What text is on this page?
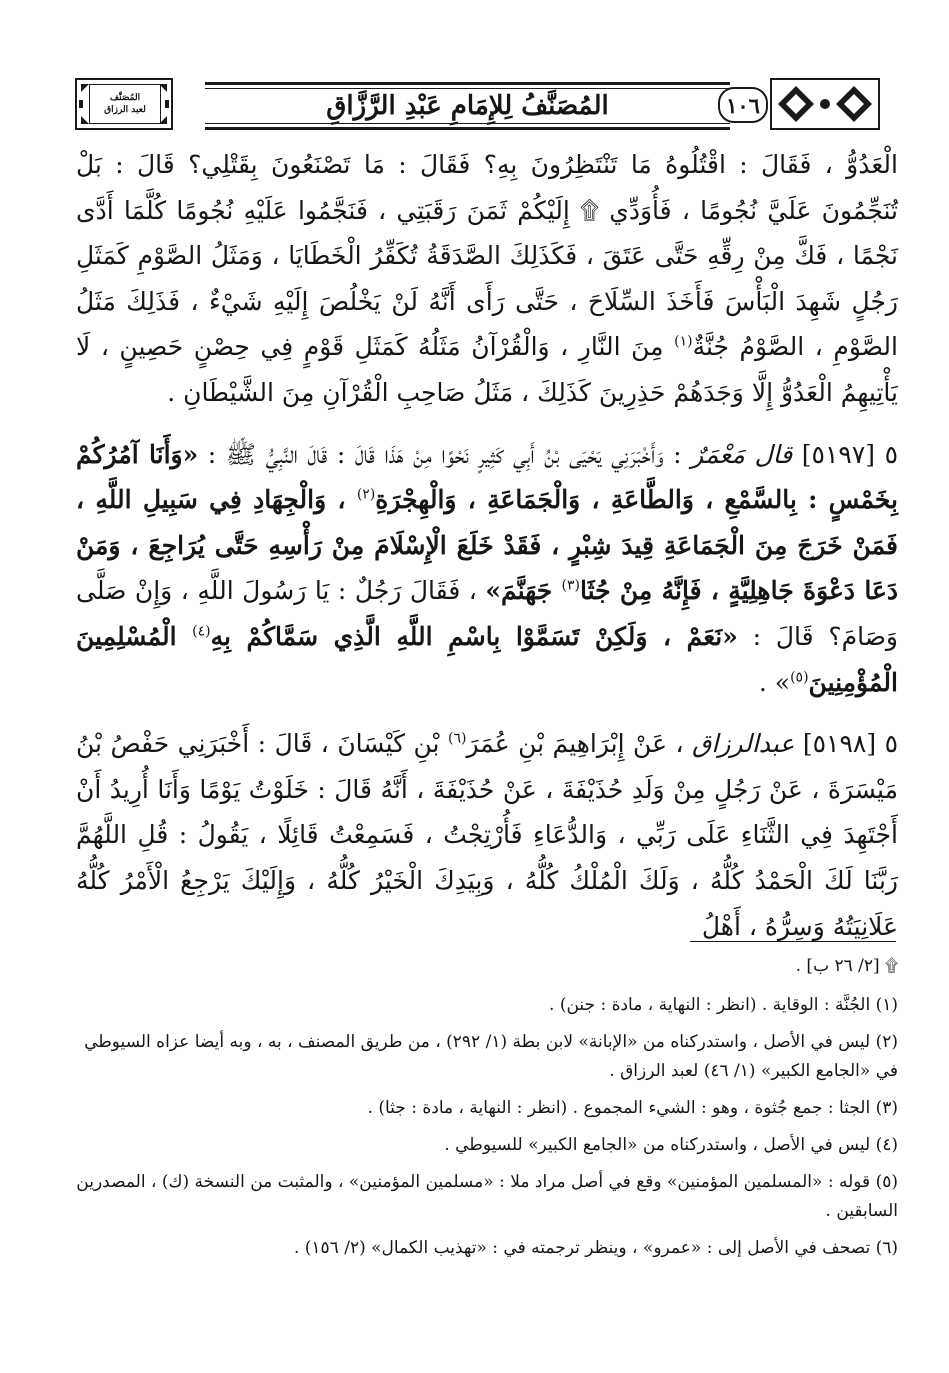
المُصَنَّفُ لِلإِمَامِ عَبْدِ الرَّزَّاقِ	١٠٦
المُصَنَّف
لعبد الرزاق

الْعَدُوُّ ، فَقَالَ : اقْتُلُوهُ مَا تَنْتَظِرُونَ بِهِ؟ فَقَالَ : مَا تَصْنَعُونَ بِقَتْلِي؟ قَالَ : بَلْ تُنَجِّمُونَ عَلَيَّ نُجُومًا ، فَأُوَدِّي ۩ إِلَيْكُمْ ثَمَنَ رَقَبَتِي ، فَنَجَّمُوا عَلَيْهِ نُجُومًا كُلَّمَا أَدَّى نَجْمًا ، فَكَّ مِنْ رِقِّهِ حَتَّى عَتَقَ ، فَكَذَلِكَ الصَّدَقَةُ تُكَفِّرُ الْخَطَايَا ، وَمَثَلُ الصَّوْمِ كَمَثَلِ رَجُلٍ شَهِدَ الْبَأْسَ فَأَخَذَ السِّلَاحَ ، حَتَّى رَأَى أَنَّهُ لَنْ يَخْلُصَ إِلَيْهِ شَيْءٌ ، فَذَلِكَ مَثَلُ الصَّوْمِ ، الصَّوْمُ جُنَّةٌ$^{(١)}$ مِنَ النَّارِ ، وَالْقُرْآنُ مَثَلُهُ كَمَثَلِ قَوْمٍ فِي حِصْنٍ حَصِينٍ ، لَا يَأْتِيهِمُ الْعَدُوُّ إِلَّا وَجَدَهُمْ حَذِرِينَ كَذَلِكَ ، مَثَلُ صَاحِبِ الْقُرْآنِ مِنَ الشَّيْطَانِ .

٥ [٥١٩٧] قال مَعْمَرٌ : وَأَخْبَرَنِي يَحْيَى بْنُ أَبِي كَثِيرٍ نَحْوًا مِنْ هَذَا قَالَ : قَالَ النَّبِيُّ ﷺ : «وَأَنَا آمُرُكُمْ بِخَمْسٍ : بِالسَّمْعِ ، وَالطَّاعَةِ ، وَالْجَمَاعَةِ ، وَالْهِجْرَةِ$^{(٢)}$ ، وَالْجِهَادِ فِي سَبِيلِ اللَّهِ ، فَمَنْ خَرَجَ مِنَ الْجَمَاعَةِ قِيدَ شِبْرٍ ، فَقَدْ خَلَعَ الْإِسْلَامَ مِنْ رَأْسِهِ حَتَّى يُرَاجِعَ ، وَمَنْ دَعَا دَعْوَةَ جَاهِلِيَّةٍ ، فَإِنَّهُ مِنْ جُثَا$^{(٣)}$ جَهَنَّمَ» ، فَقَالَ رَجُلٌ : يَا رَسُولَ اللَّهِ ، وَإِنْ صَلَّى وَصَامَ؟ قَالَ : «نَعَمْ ، وَلَكِنْ تَسَمَّوْا بِاسْمِ اللَّهِ الَّذِي سَمَّاكُمْ بِهِ$^{(٤)}$ الْمُسْلِمِينَ الْمُؤْمِنِينَ$^{(٥)}$» .

٥ [٥١٩٨] عبدالرزاق ، عَنْ إِبْرَاهِيمَ بْنِ عُمَرَ$^{(٦)}$ بْنِ كَيْسَانَ ، قَالَ : أَخْبَرَنِي حَفْصُ بْنُ مَيْسَرَةَ ، عَنْ رَجُلٍ مِنْ وَلَدِ حُذَيْفَةَ ، عَنْ حُذَيْفَةَ ، أَنَّهُ قَالَ : خَلَوْتُ يَوْمًا وَأَنَا أُرِيدُ أَنْ أَجْتَهِدَ فِي الثَّنَاءِ عَلَى رَبِّي ، وَالدُّعَاءِ فَأُرْتِجْتُ ، فَسَمِعْتُ قَائِلًا ، يَقُولُ : قُلِ اللَّهُمَّ رَبَّنَا لَكَ الْحَمْدُ كُلُّهُ ، وَلَكَ الْمُلْكُ كُلُّهُ ، وَبِيَدِكَ الْخَيْرُ كُلُّهُ ، وَإِلَيْكَ يَرْجِعُ الْأَمْرُ كُلُّهُ عَلَانِيَتُهُ وَسِرُّهُ ، أَهْلُ

۩ [٢/ ٢٦ ب] .

(١) الجُنَّة : الوقاية . (انظر : النهاية ، مادة : جنن) .

(٢) ليس في الأصل ، واستدركناه من «الإبانة» لابن بطة (١/ ٢٩٢) ، من طريق المصنف ، به ، وبه أيضا عزاه السيوطي في «الجامع الكبير» (١/ ٤٦) لعبد الرزاق .

(٣) الجثا : جمع جُثوة ، وهو : الشيء المجموع . (انظر : النهاية ، مادة : جثا) .

(٤) ليس في الأصل ، واستدركناه من «الجامع الكبير» للسيوطي .

(٥) قوله : «المسلمين المؤمنين» وقع في أصل مراد ملا : «مسلمين المؤمنين» ، والمثبت من النسخة (ك) ، المصدرين السابقين .

(٦) تصحف في الأصل إلى : «عمرو» ، وينظر ترجمته في : «تهذيب الكمال» (٢/ ١٥٦) .
